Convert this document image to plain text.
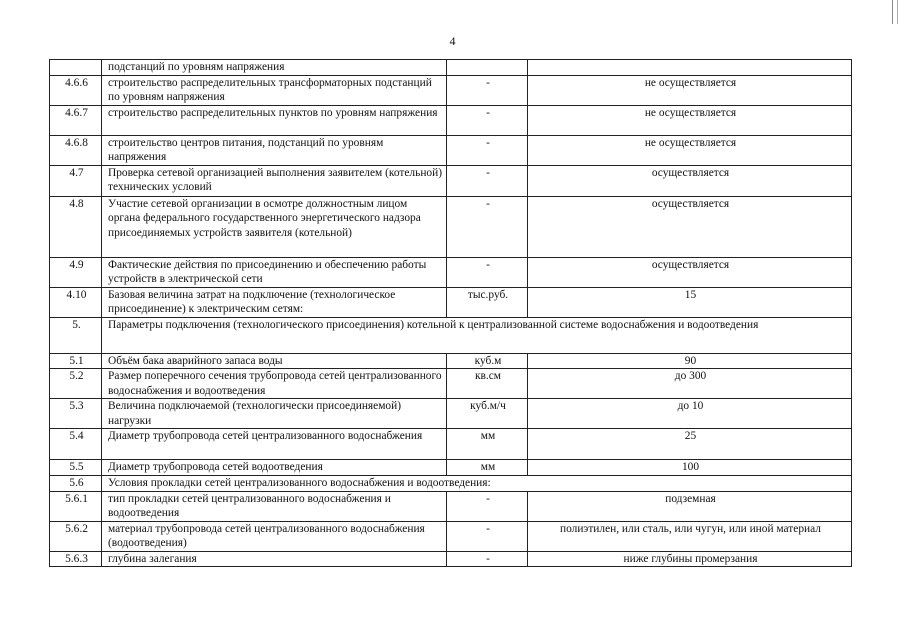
4
	подстанций по уровням напряжения		
4.6.6	строительство распределительных трансформаторных подстанций по уровням напряжения	-	не осуществляется
4.6.7	строительство распределительных пунктов по уровням напряжения	-	не осуществляется
4.6.8	строительство центров питания, подстанций по уровням напряжения	-	не осуществляется
4.7	Проверка сетевой организацией выполнения заявителем (котельной) технических условий	-	осуществляется
4.8	Участие сетевой организации в осмотре должностным лицом органа федерального государственного энергетического надзора присоединяемых устройств заявителя (котельной)	-	осуществляется
4.9	Фактические действия по присоединению и обеспечению работы устройств в электрической сети	-	осуществляется
4.10	Базовая величина затрат на подключение (технологическое присоединение) к электрическим сетям:	тыс.руб.	15
5.	Параметры подключения (технологического присоединения) котельной к централизованной системе водоснабжения и водоотведения		
5.1	Объём бака аварийного запаса воды	куб.м	90
5.2	Размер поперечного сечения трубопровода сетей централизованного водоснабжения и водоотведения	кв.см	до 300
5.3	Величина подключаемой (технологически присоединяемой) нагрузки	куб.м/ч	до 10
5.4	Диаметр трубопровода сетей централизованного водоснабжения	мм	25
5.5	Диаметр трубопровода сетей водоотведения	мм	100
5.6	Условия прокладки сетей централизованного водоснабжения и водоотведения:		
5.6.1	тип прокладки сетей централизованного водоснабжения и водоотведения	-	подземная
5.6.2	материал трубопровода сетей централизованного водоснабжения (водоотведения)	-	полиэтилен, или сталь, или чугун, или иной материал
5.6.3	глубина залегания	-	ниже глубины промерзания
